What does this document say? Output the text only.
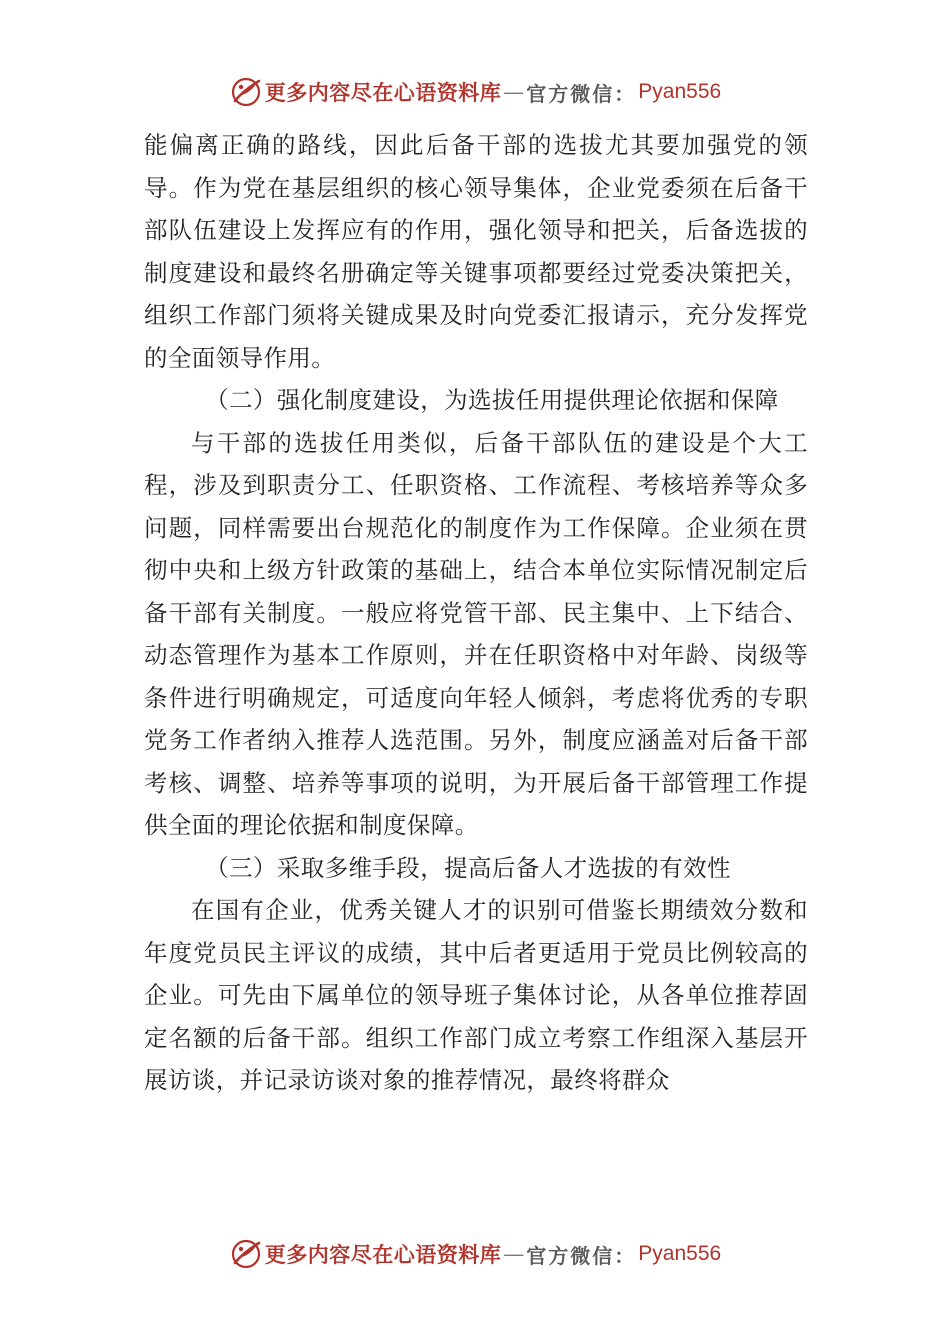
更多内容尽在心语资料库 — 官方微信： Pyan556

能偏离正确的路线，因此后备干部的选拔尤其要加强党的领导。作为党在基层组织的核心领导集体，企业党委须在后备干部队伍建设上发挥应有的作用，强化领导和把关，后备选拔的制度建设和最终名册确定等关键事项都要经过党委决策把关，组织工作部门须将关键成果及时向党委汇报请示，充分发挥党的全面领导作用。

（二）强化制度建设，为选拔任用提供理论依据和保障

与干部的选拔任用类似，后备干部队伍的建设是个大工程，涉及到职责分工、任职资格、工作流程、考核培养等众多问题，同样需要出台规范化的制度作为工作保障。企业须在贯彻中央和上级方针政策的基础上，结合本单位实际情况制定后备干部有关制度。一般应将党管干部、民主集中、上下结合、动态管理作为基本工作原则，并在任职资格中对年龄、岗级等条件进行明确规定，可适度向年轻人倾斜，考虑将优秀的专职党务工作者纳入推荐人选范围。另外，制度应涵盖对后备干部考核、调整、培养等事项的说明，为开展后备干部管理工作提供全面的理论依据和制度保障。

（三）采取多维手段，提高后备人才选拔的有效性

在国有企业，优秀关键人才的识别可借鉴长期绩效分数和年度党员民主评议的成绩，其中后者更适用于党员比例较高的企业。可先由下属单位的领导班子集体讨论，从各单位推荐固定名额的后备干部。组织工作部门成立考察工作组深入基层开展访谈，并记录访谈对象的推荐情况，最终将群众

更多内容尽在心语资料库 — 官方微信： Pyan556
